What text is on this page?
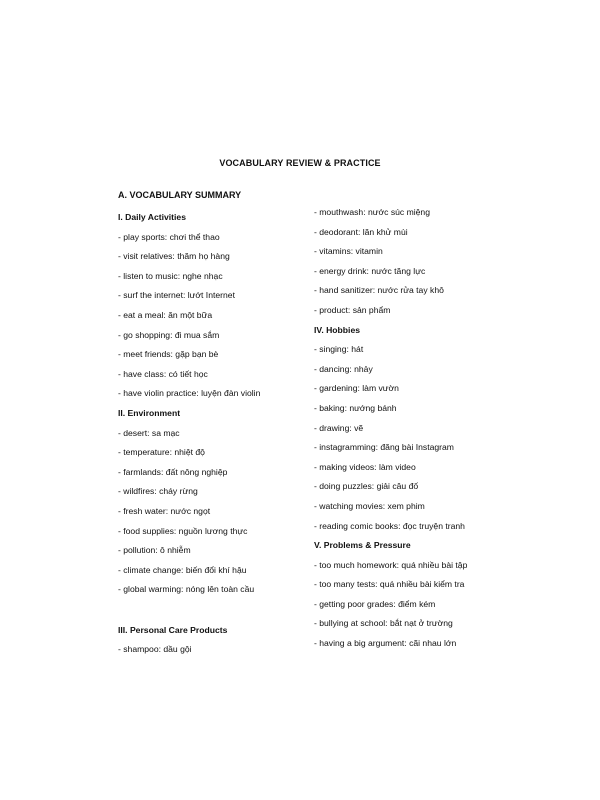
VOCABULARY REVIEW & PRACTICE
A. VOCABULARY SUMMARY
I. Daily Activities
- play sports: chơi thể thao
- visit relatives: thăm họ hàng
- listen to music: nghe nhạc
- surf the internet: lướt Internet
- eat a meal: ăn một bữa
- go shopping: đi mua sắm
- meet friends: gặp bạn bè
- have class: có tiết học
- have violin practice: luyện đàn violin
II. Environment
- desert: sa mạc
- temperature: nhiệt độ
- farmlands: đất nông nghiệp
- wildfires: cháy rừng
- fresh water: nước ngọt
- food supplies: nguồn lương thực
- pollution: ô nhiễm
- climate change: biến đổi khí hậu
- global warming: nóng lên toàn cầu
III. Personal Care Products
- shampoo: dầu gội
- mouthwash: nước súc miệng
- deodorant: lăn khử mùi
- vitamins: vitamin
- energy drink: nước tăng lực
- hand sanitizer: nước rửa tay khô
- product: sản phẩm
IV. Hobbies
- singing: hát
- dancing: nhảy
- gardening: làm vườn
- baking: nướng bánh
- drawing: vẽ
- instagramming: đăng bài Instagram
- making videos: làm video
- doing puzzles: giải câu đố
- watching movies: xem phim
- reading comic books: đọc truyện tranh
V. Problems & Pressure
- too much homework: quá nhiều bài tập
- too many tests: quá nhiều bài kiểm tra
- getting poor grades: điểm kém
- bullying at school: bắt nạt ở trường
- having a big argument: cãi nhau lớn
